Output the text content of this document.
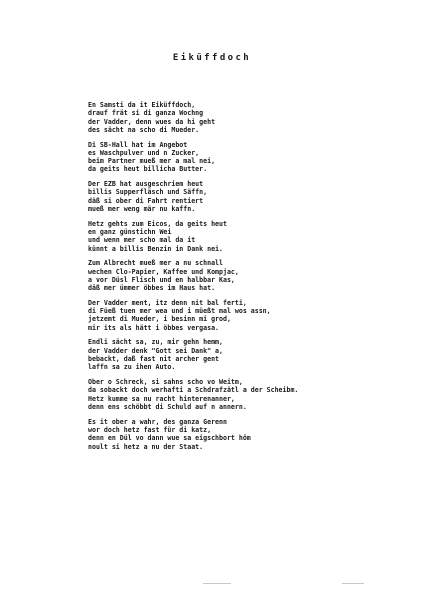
Eiküffdoch
En Samsti da it Eiküffdoch,
drauf frät si di ganza Wochng
der Vadder, denn wues da hi geht
des sächt na scho di Mueder.
Di SB-Hall hat im Angebot
es Waschpulver und n Zucker,
beim Partner mueß mer a mal nei,
da geits heut billicha Butter.
Der EZB hat ausgeschriem heut
billis Supperfläsch und Säffn,
däß si ober di Fahrt rentiert
mueß mer weng mär nu kaffn.
Hetz gehts zum Eicos, da geits heut
en ganz günstichn Wei
und wenn mer scho mal da it
künnt a billis Benzin in Dank nei.
Zum Albrecht mueß mer a nu schnall
wechen Clo-Papier, Kaffee und Kompjac,
a vor Düsl Flisch und en halbbar Kas,
däß mer ümmer öbbes im Haus hat.
Der Vadder ment, itz denn nit bal ferti,
di Füeß tuen mer wea und i müeßt mal wos assn,
jetzemt di Mueder, i besinn mi grod,
mir its als hätt i öbbes vergasa.
Endli sächt sa, zu, mir gehn hemm,
der Vadder denk "Gott sei Dank" a,
bebackt, daß fast nit archer gent
laffn sa zu ihen Auto.
Ober o Schreck, si sahns scho vo Weitm,
da sobackt doch werhafti a Schdrafzätl a der Scheibm.
Hetz kumme sa nu racht hinterenanner,
denn ens schöbbt di Schuld auf n annern.
Es it ober a wahr, des ganza Gerenn
wor doch hetz fast für di katz,
denn en Dül vo dann wue sa eigschbort hôm
noult si hetz a nu der Staat.
